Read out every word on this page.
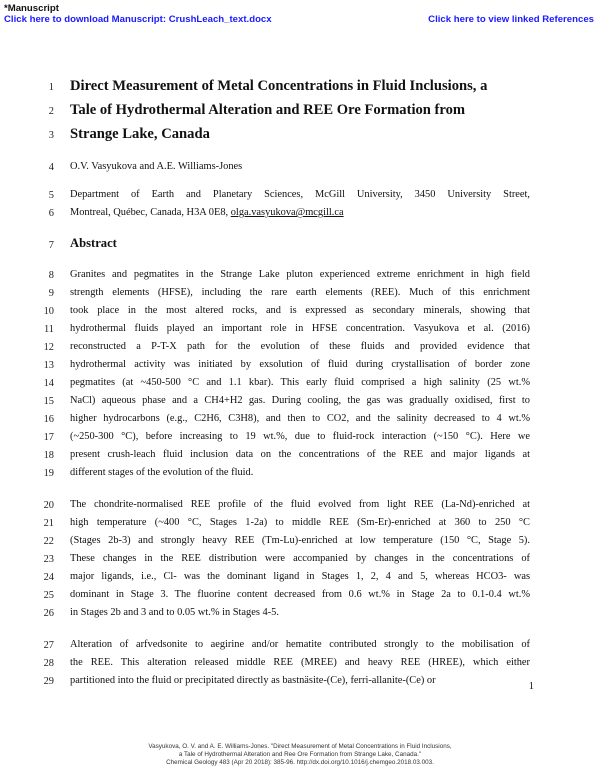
*Manuscript
Click here to download Manuscript: CrushLeach_text.docx	Click here to view linked References
1 Direct Measurement of Metal Concentrations in Fluid Inclusions, a
2 Tale of Hydrothermal Alteration and REE Ore Formation from
3 Strange Lake, Canada
4 O.V. Vasyukova and A.E. Williams-Jones
5 Department of Earth and Planetary Sciences, McGill University, 3450 University Street,
6 Montreal, Québec, Canada, H3A 0E8, olga.vasyukova@mcgill.ca
7 Abstract
8 Granites and pegmatites in the Strange Lake pluton experienced extreme enrichment in high field
9 strength elements (HFSE), including the rare earth elements (REE). Much of this enrichment
10 took place in the most altered rocks, and is expressed as secondary minerals, showing that
11 hydrothermal fluids played an important role in HFSE concentration. Vasyukova et al. (2016)
12 reconstructed a P-T-X path for the evolution of these fluids and provided evidence that
13 hydrothermal activity was initiated by exsolution of fluid during crystallisation of border zone
14 pegmatites (at ~450-500 °C and 1.1 kbar). This early fluid comprised a high salinity (25 wt.%
15 NaCl) aqueous phase and a CH4+H2 gas. During cooling, the gas was gradually oxidised, first to
16 higher hydrocarbons (e.g., C2H6, C3H8), and then to CO2, and the salinity decreased to 4 wt.%
17 (~250-300 °C), before increasing to 19 wt.%, due to fluid-rock interaction (~150 °C). Here we
18 present crush-leach fluid inclusion data on the concentrations of the REE and major ligands at
19 different stages of the evolution of the fluid.
20 The chondrite-normalised REE profile of the fluid evolved from light REE (La-Nd)-enriched at
21 high temperature (~400 °C, Stages 1-2a) to middle REE (Sm-Er)-enriched at 360 to 250 °C
22 (Stages 2b-3) and strongly heavy REE (Tm-Lu)-enriched at low temperature (150 °C, Stage 5).
23 These changes in the REE distribution were accompanied by changes in the concentrations of
24 major ligands, i.e., Cl- was the dominant ligand in Stages 1, 2, 4 and 5, whereas HCO3- was
25 dominant in Stage 3. The fluorine content decreased from 0.6 wt.% in Stage 2a to 0.1-0.4 wt.%
26 in Stages 2b and 3 and to 0.05 wt.% in Stages 4-5.
27 Alteration of arfvedsonite to aegirine and/or hematite contributed strongly to the mobilisation of
28 the REE. This alteration released middle REE (MREE) and heavy REE (HREE), which either
29 partitioned into the fluid or precipitated directly as bastnäsite-(Ce), ferri-allanite-(Ce) or
1
Vasyukova, O. V. and A. E. Williams-Jones. "Direct Measurement of Metal Concentrations in Fluid Inclusions,
a Tale of Hydrothermal Alteration and Ree Ore Formation from Strange Lake, Canada."
Chemical Geology 483 (Apr 20 2018): 385-96. http://dx.doi.org/10.1016/j.chemgeo.2018.03.003.
